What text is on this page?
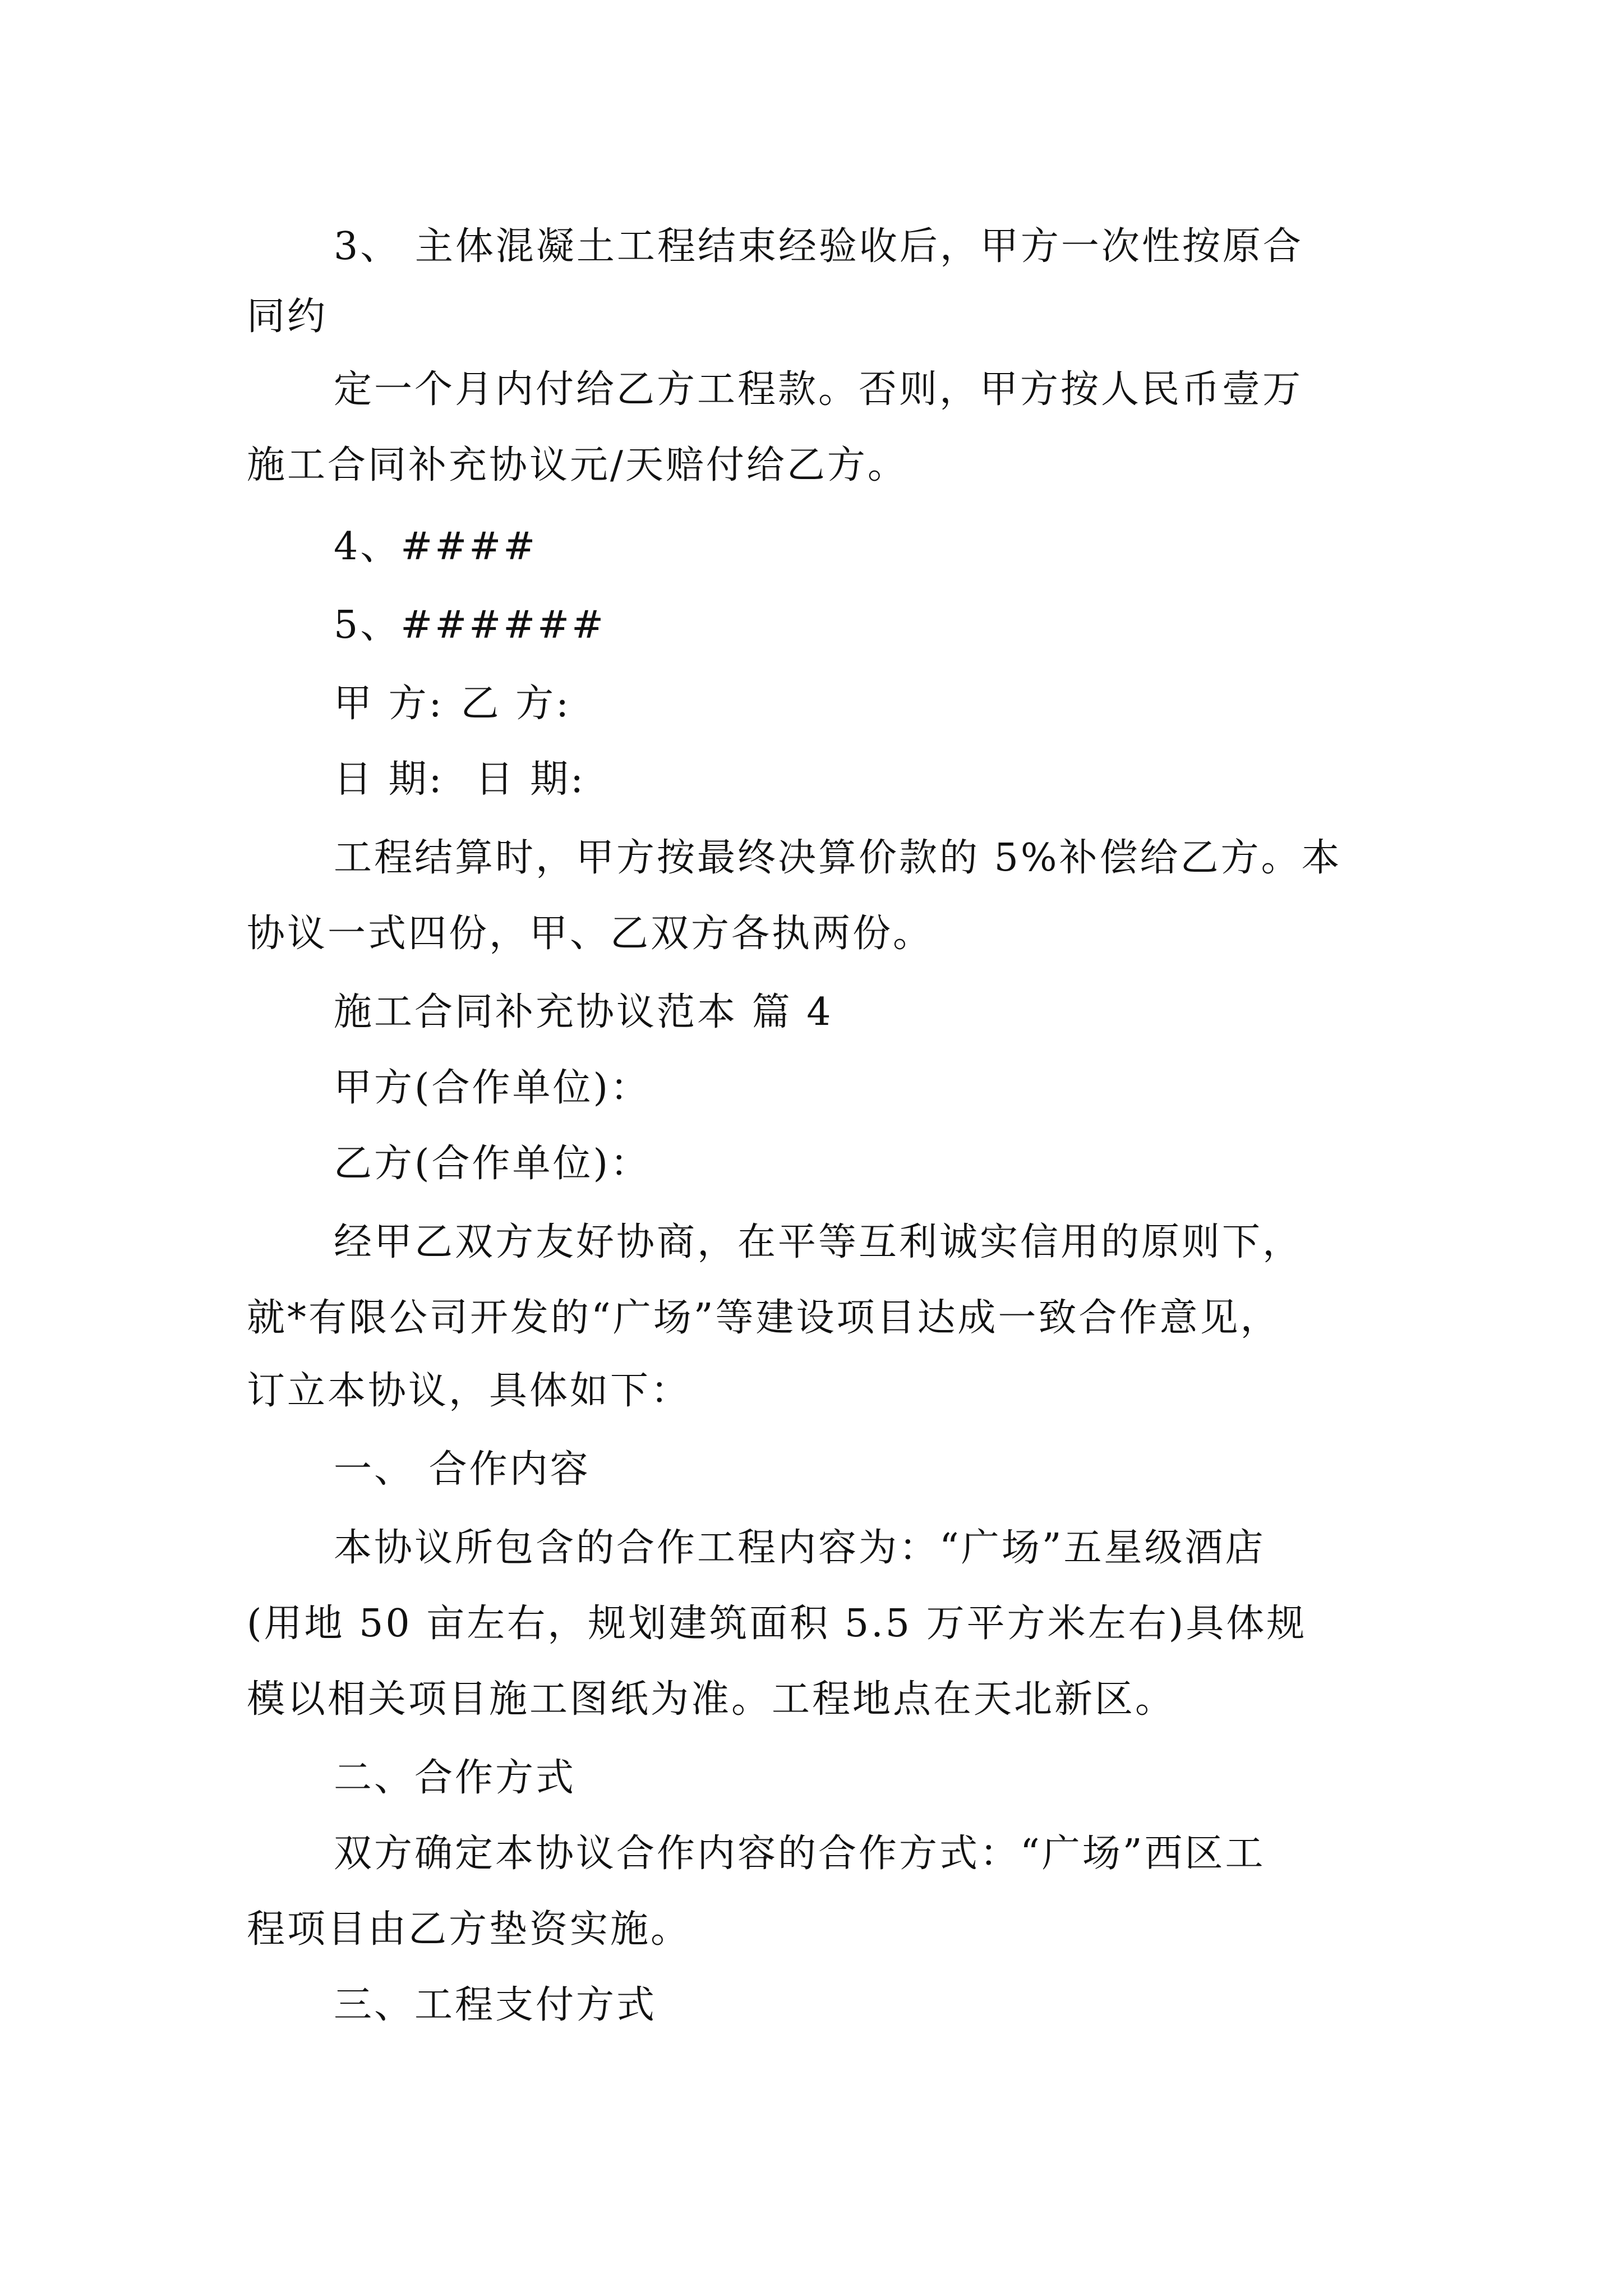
3、 主体混凝土工程结束经验收后，甲方一次性按原合
同约
定一个月内付给乙方工程款。否则，甲方按人民币壹万
施工合同补充协议元/天赔付给乙方。
4、####
5、######
甲 方: 乙 方:
日 期: 日 期:
工程结算时，甲方按最终决算价款的 5%补偿给乙方。本
协议一式四份，甲、乙双方各执两份。
施工合同补充协议范本 篇 4
甲方(合作单位)：
乙方(合作单位)：
经甲乙双方友好协商，在平等互利诚实信用的原则下，
就*有限公司开发的“广场”等建设项目达成一致合作意见，
订立本协议，具体如下：
一、 合作内容
本协议所包含的合作工程内容为：“广场”五星级酒店
(用地 50 亩左右，规划建筑面积 5.5 万平方米左右)具体规
模以相关项目施工图纸为准。工程地点在天北新区。
二、合作方式
双方确定本协议合作内容的合作方式：“广场”西区工
程项目由乙方垫资实施。
三、工程支付方式
